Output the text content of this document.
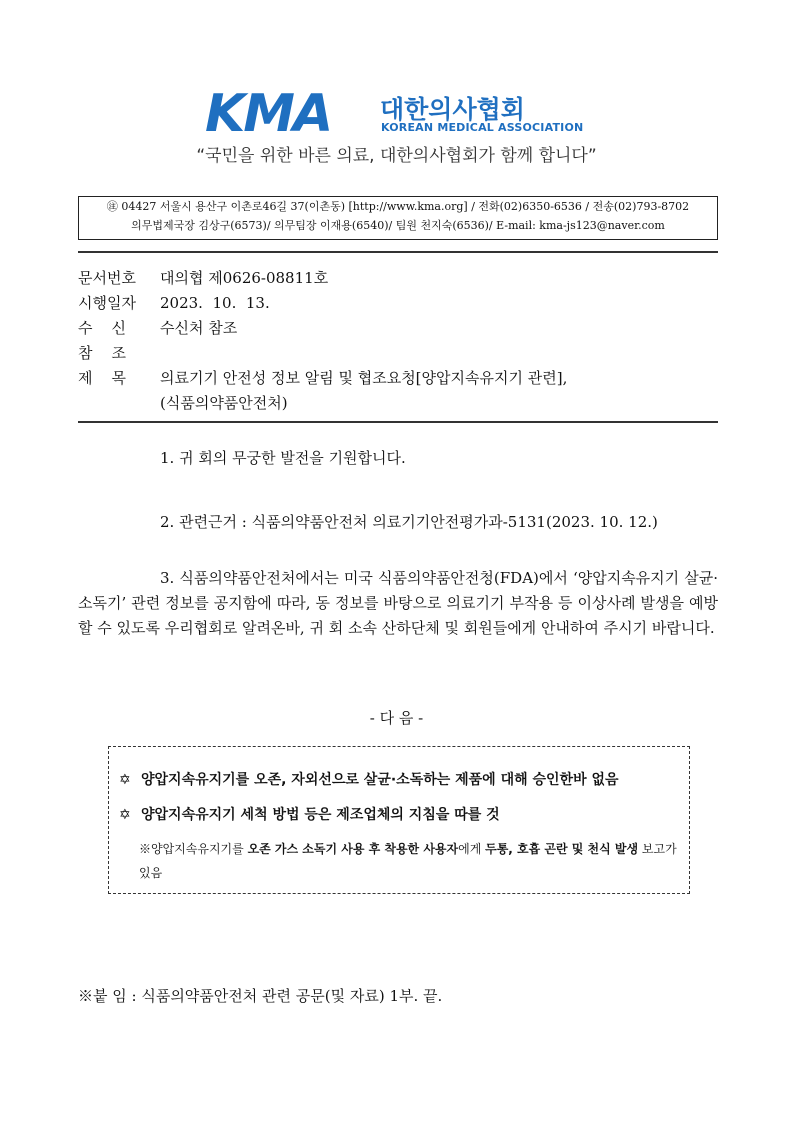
KMA 대한의사협회
KOREAN MEDICAL ASSOCIATION
“국민을 위한 바른 의료, 대한의사협회가 함께 합니다”
㊟ 04427 서울시 용산구 이촌로46길 37(이촌동) [http://www.kma.org] / 전화(02)6350-6536 / 전송(02)793-8702
의무법제국장 김상구(6573)/ 의무팀장 이재용(6540)/ 팀원 천지숙(6536)/ E-mail: kma-js123@naver.com
문서번호	대의협 제0626-08811호
시행일자	2023.  10.  13.
수    신	수신처 참조
참    조
제    목	의료기기 안전성 정보 알림 및 협조요청[양압지속유지기 관련],
(식품의약품안전처)
1. 귀 회의 무궁한 발전을 기원합니다.
2. 관련근거 : 식품의약품안전처 의료기기안전평가과-5131(2023. 10. 12.)
3. 식품의약품안전처에서는 미국 식품의약품안전청(FDA)에서 ‘양압지속유지기 살균·소독기’ 관련 정보를 공지함에 따라, 동 정보를 바탕으로 의료기기 부작용 등 이상사례 발생을 예방할 수 있도록 우리협회로 알려온바, 귀 회 소속 산하단체 및 회원들에게 안내하여 주시기 바랍니다.
- 다 음 -
✡ 양압지속유지기를 오존, 자외선으로 살균·소독하는 제품에 대해 승인한바 없음
✡ 양압지속유지기 세척 방법 등은 제조업체의 지침을 따를 것
※양압지속유지기를 오존 가스 소독기 사용 후 착용한 사용자에게 두통, 호흡 곤란 및 천식 발생 보고가 있음
※붙 임 : 식품의약품안전처 관련 공문(및 자료) 1부. 끝.
